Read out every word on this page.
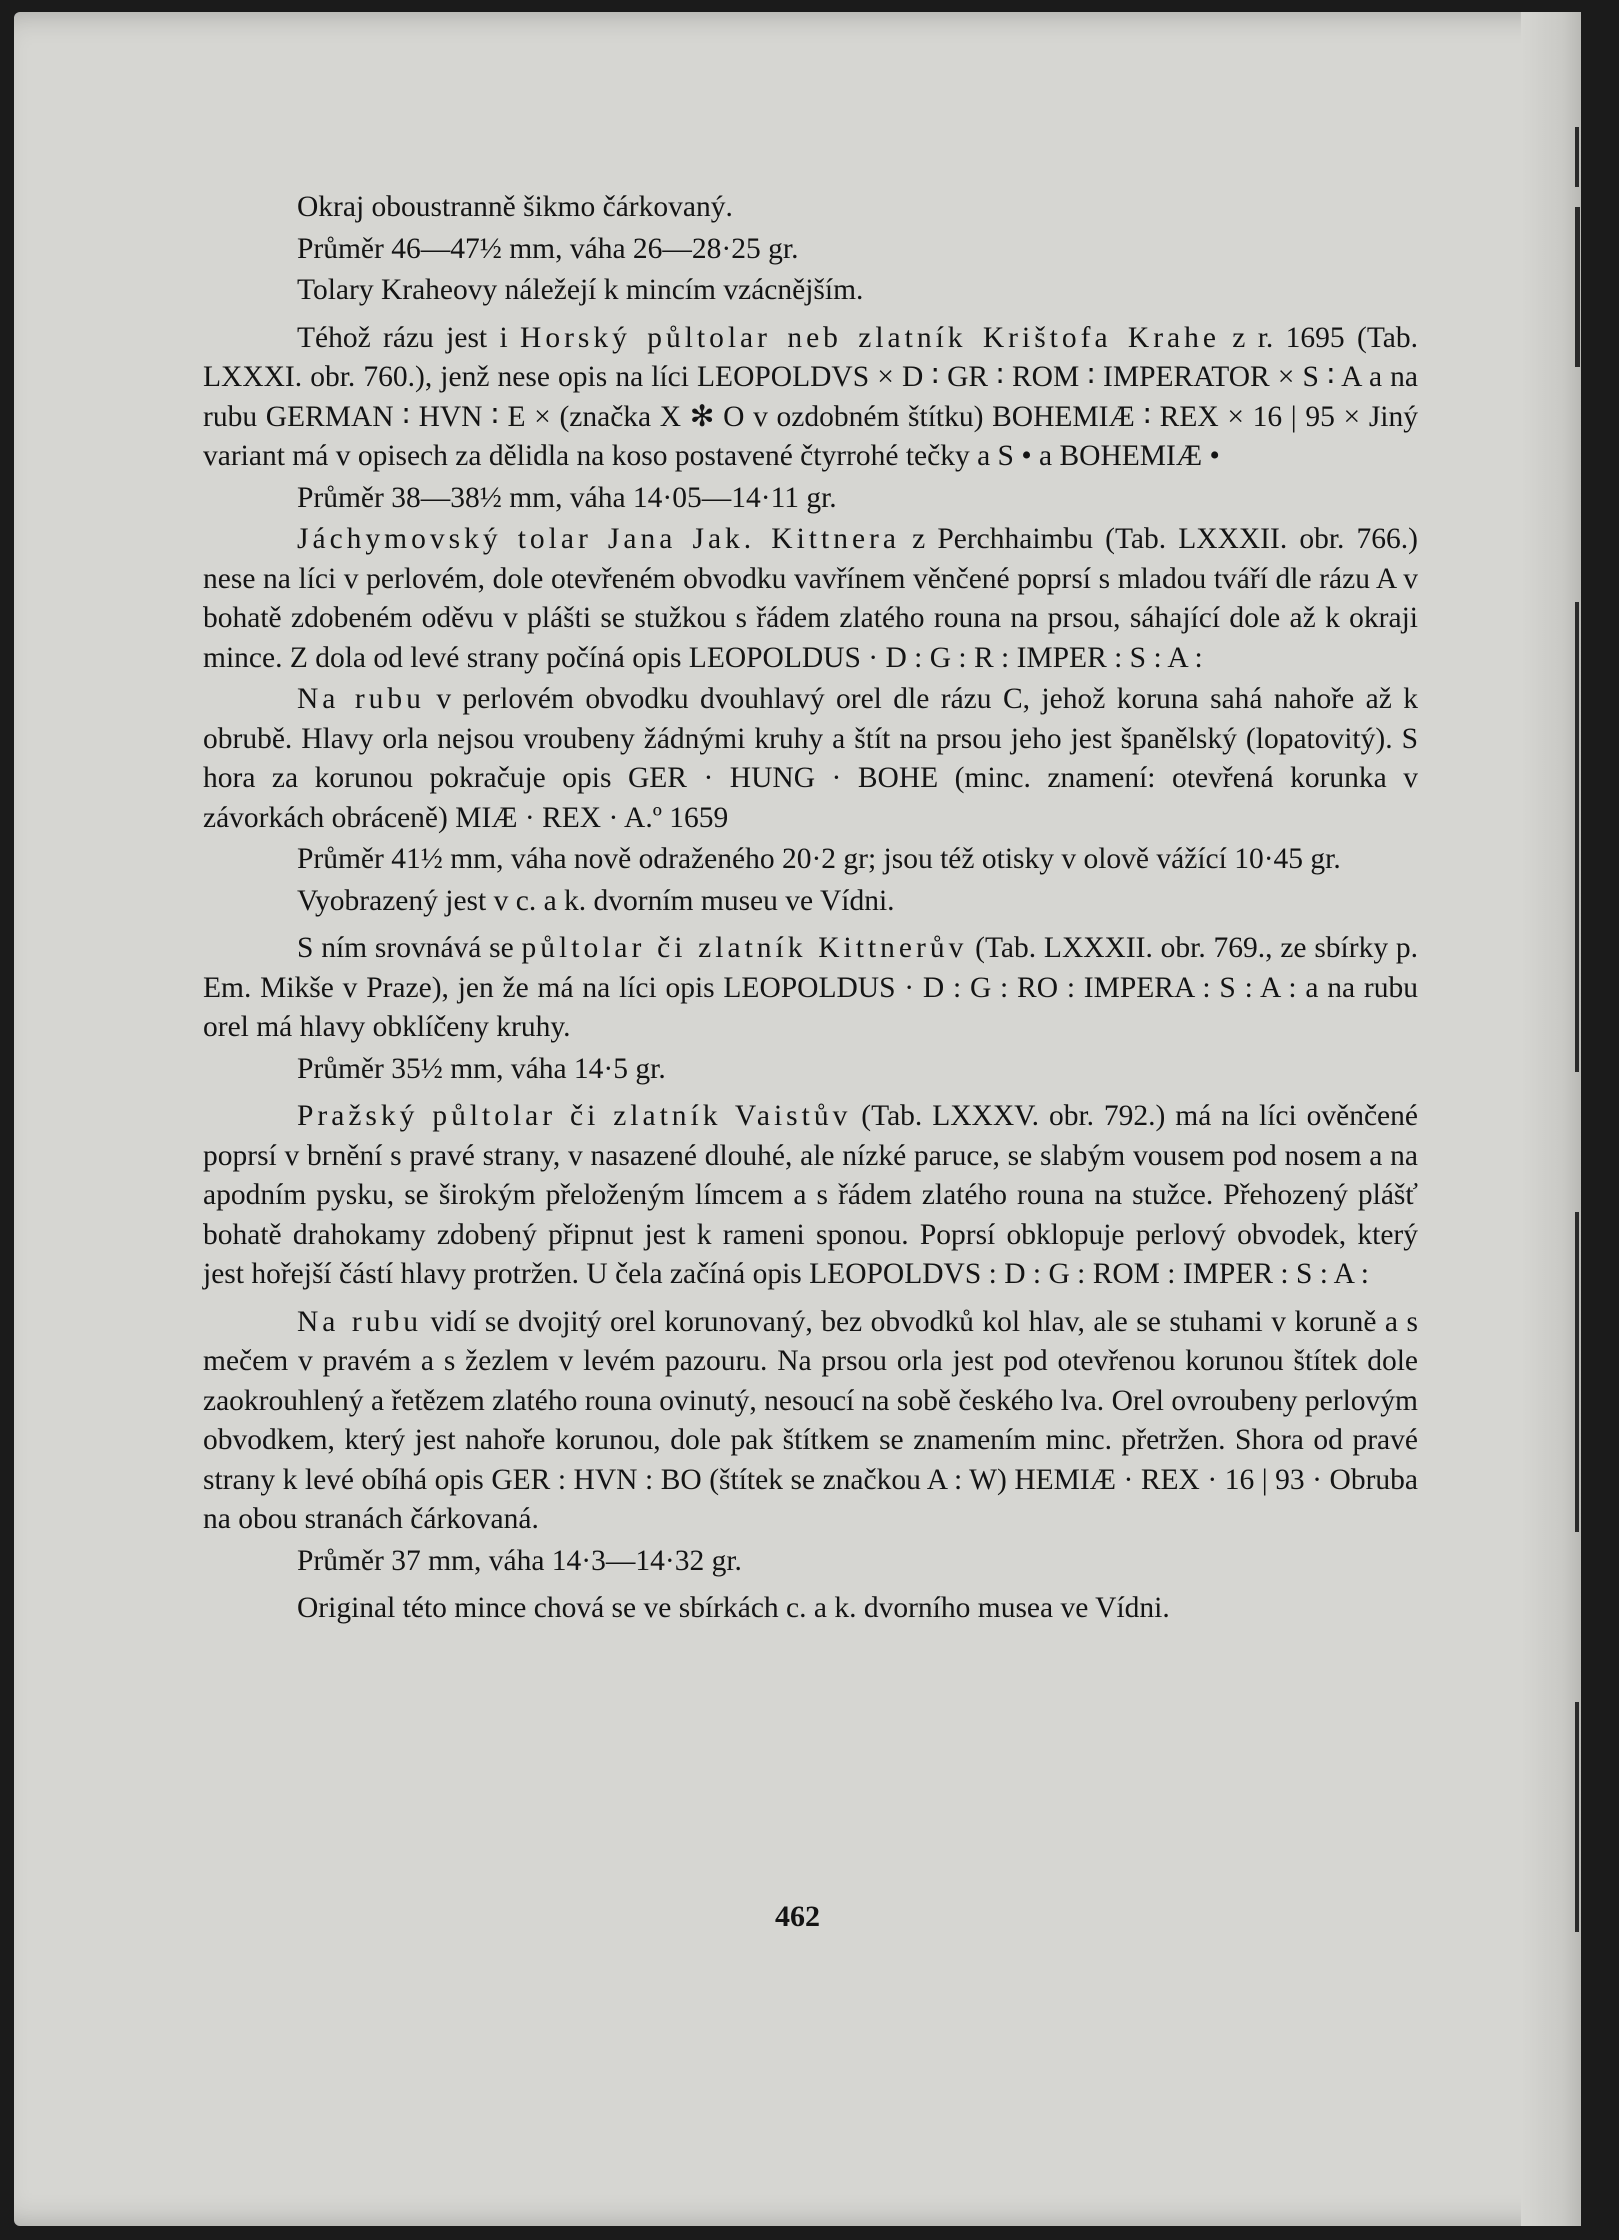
Okraj oboustranně šikmo čárkovaný.

Průměr 46—47½ mm, váha 26—28·25 gr.

Tolary Kraheovy náležejí k mincím vzácnějším.

Téhož rázu jest i Horský půltolar neb zlatník Krištofa Krahe z r. 1695 (Tab. LXXXI. obr. 760.), jenž nese opis na líci LEOPOLDVS × D ∶ GR ∶ ROM ∶ IMPERATOR × S ∶ A a na rubu GERMAN ∶ HVN ∶ E × (značka X ✻ O v ozdobném štítku) BOHEMIÆ ∶ REX × 16 | 95 × Jiný variant má v opisech za dělidla na koso postavené čtyrrohé tečky a S • a BOHEMIÆ •

Průměr 38—38½ mm, váha 14·05—14·11 gr.

Jáchymovský tolar Jana Jak. Kittnera z Perchhaimbu (Tab. LXXXII. obr. 766.) nese na líci v perlovém, dole otevřeném obvodku vavřínem věnčené poprsí s mladou tváří dle rázu A v bohatě zdobeném oděvu v plášti se stužkou s řádem zlatého rouna na prsou, sáhající dole až k okraji mince. Z dola od levé strany počíná opis LEOPOLDUS · D : G : R : IMPER : S : A :

Na rubu v perlovém obvodku dvouhlavý orel dle rázu C, jehož koruna sahá nahoře až k obrubě. Hlavy orla nejsou vroubeny žádnými kruhy a štít na prsou jeho jest španělský (lopatovitý). S hora za korunou pokračuje opis GER · HUNG · BOHE (minc. znamení: otevřená korunka v závorkách obráceně) MIÆ · REX · A.º 1659

Průměr 41½ mm, váha nově odraženého 20·2 gr; jsou též otisky v olově vážící 10·45 gr.

Vyobrazený jest v c. a k. dvorním museu ve Vídni.

S ním srovnává se půltolar či zlatník Kittnerův (Tab. LXXXII. obr. 769., ze sbírky p. Em. Mikše v Praze), jen že má na líci opis LEOPOLDUS · D : G : RO : IMPERA : S : A : a na rubu orel má hlavy obklíčeny kruhy.

Průměr 35½ mm, váha 14·5 gr.

Pražský půltolar či zlatník Vaistův (Tab. LXXXV. obr. 792.) má na líci ověnčené poprsí v brnění s pravé strany, v nasazené dlouhé, ale nízké paruce, se slabým vousem pod nosem a na apodním pysku, se širokým přeloženým límcem a s řádem zlatého rouna na stužce. Přehozený plášť bohatě drahokamy zdobený připnut jest k rameni sponou. Poprsí obklopuje perlový obvodek, který jest hořejší částí hlavy protržen. U čela začíná opis LEOPOLDVS : D : G : ROM : IMPER : S : A :

Na rubu vidí se dvojitý orel korunovaný, bez obvodků kol hlav, ale se stuhami v koruně a s mečem v pravém a s žezlem v levém pazouru. Na prsou orla jest pod otevřenou korunou štítek dole zaokrouhlený a řetězem zlatého rouna ovinutý, nesoucí na sobě českého lva. Orel ovroubeny perlovým obvodkem, který jest nahoře korunou, dole pak štítkem se znamením minc. přetržen. Shora od pravé strany k levé obíhá opis GER : HVN : BO (štítek se značkou A : W) HEMIÆ · REX · 16 | 93 · Obruba na obou stranách čárkovaná.

Průměr 37 mm, váha 14·3—14·32 gr.

Original této mince chová se ve sbírkách c. a k. dvorního musea ve Vídni.

462
